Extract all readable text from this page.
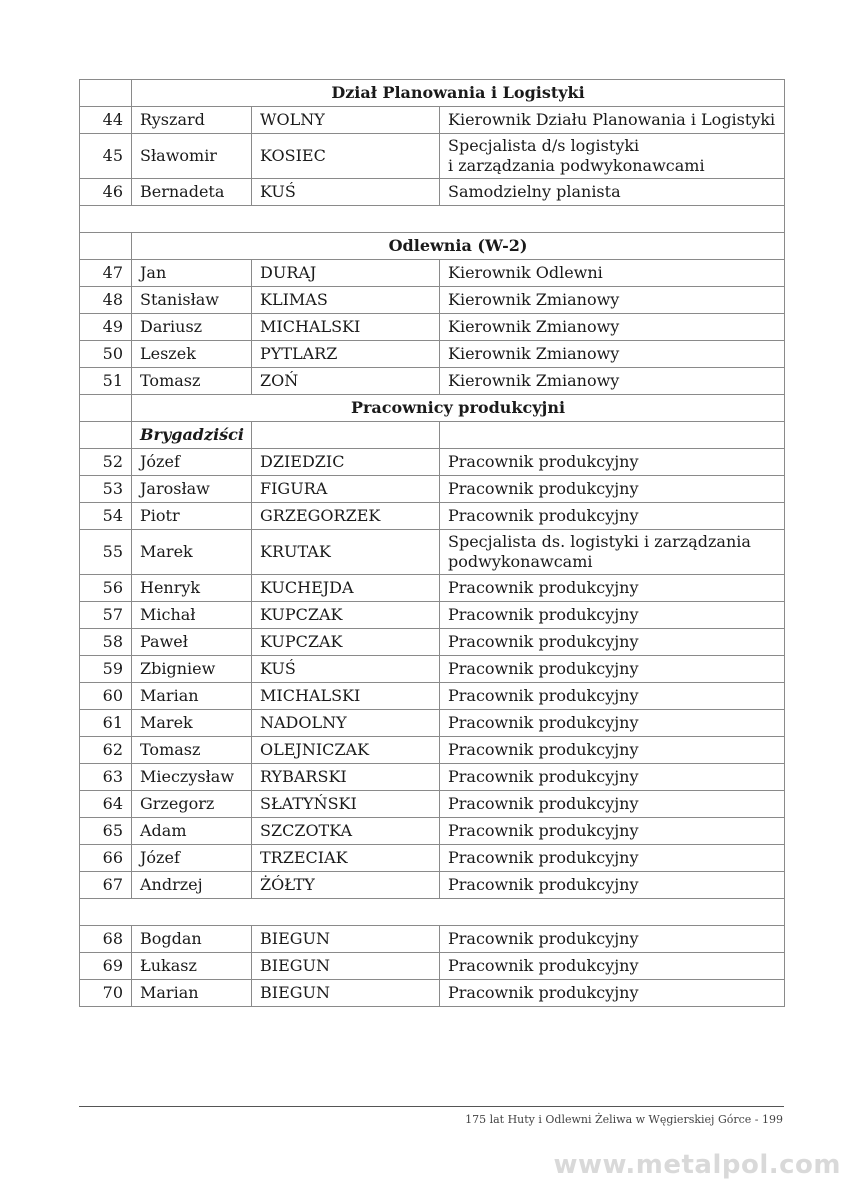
	Dział Planowania i Logistyki		
44	Ryszard	WOLNY	Kierownik Działu Planowania i Logistyki
45	Sławomir	KOSIEC	Specjalista d/s logistyki
i zarządzania podwykonawcami

46	Bernadeta	KUŚ	Samodzielny planista

	Odlewnia (W-2)		
47	Jan	DURAJ	Kierownik Odlewni
48	Stanisław	KLIMAS	Kierownik Zmianowy
49	Dariusz	MICHALSKI	Kierownik Zmianowy
50	Leszek	PYTLARZ	Kierownik Zmianowy
51	Tomasz	ZOŃ	Kierownik Zmianowy
	Pracownicy produkcyjni		
	Brygadziści		
52	Józef	DZIEDZIC	Pracownik produkcyjny
53	Jarosław	FIGURA	Pracownik produkcyjny
54	Piotr	GRZEGORZEK	Pracownik produkcyjny
55	Marek	KRUTAK	Specjalista ds. logistyki i zarządzania
podwykonawcami

56	Henryk	KUCHEJDA	Pracownik produkcyjny
57	Michał	KUPCZAK	Pracownik produkcyjny
58	Paweł	KUPCZAK	Pracownik produkcyjny
59	Zbigniew	KUŚ	Pracownik produkcyjny
60	Marian	MICHALSKI	Pracownik produkcyjny
61	Marek	NADOLNY	Pracownik produkcyjny
62	Tomasz	OLEJNICZAK	Pracownik produkcyjny
63	Mieczysław	RYBARSKI	Pracownik produkcyjny
64	Grzegorz	SŁATYŃSKI	Pracownik produkcyjny
65	Adam	SZCZOTKA	Pracownik produkcyjny
66	Józef	TRZECIAK	Pracownik produkcyjny
67	Andrzej	ŻÓŁTY	Pracownik produkcyjny

68	Bogdan	BIEGUN	Pracownik produkcyjny
69	Łukasz	BIEGUN	Pracownik produkcyjny
70	Marian	BIEGUN	Pracownik produkcyjny
175 lat Huty i Odlewni Żeliwa w Węgierskiej Górce - 199
www.metalpol.com
